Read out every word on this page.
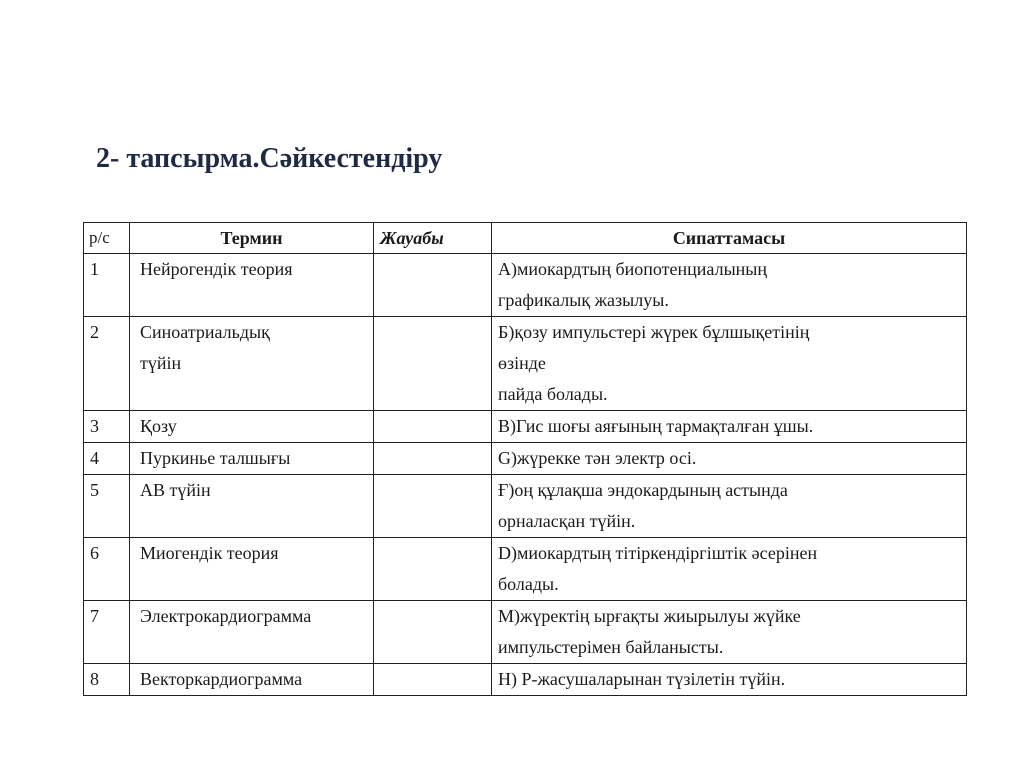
2- тапсырма.Сәйкестендіру
р/с	Термин	Жауабы	Сипаттамасы
1	Нейрогендік теория		А)миокардтың биопотенциалының
графикалық жазылуы.

2	Синоатриальдық
түйін		Б)қозу импульстері жүрек бұлшықетінің
өзінде
пайда болады.

3	Қозу		В)Гис шоғы аяғының тармақталған ұшы.

4	Пуркинье талшығы		G)жүрекке тән электр осі.

5	АВ түйін		Ғ)оң құлақша эндокардының астында
орналасқан түйін.

6	Миогендік теория		D)миокардтың тітіркендіргіштік әсерінен
болады.

7	Электрокардиограмма		М)жүректің ырғақты жиырылуы жүйке
импульстерімен байланысты.

8	Векторкардиограмма		Н) Р-жасушаларынан түзілетін түйін.
